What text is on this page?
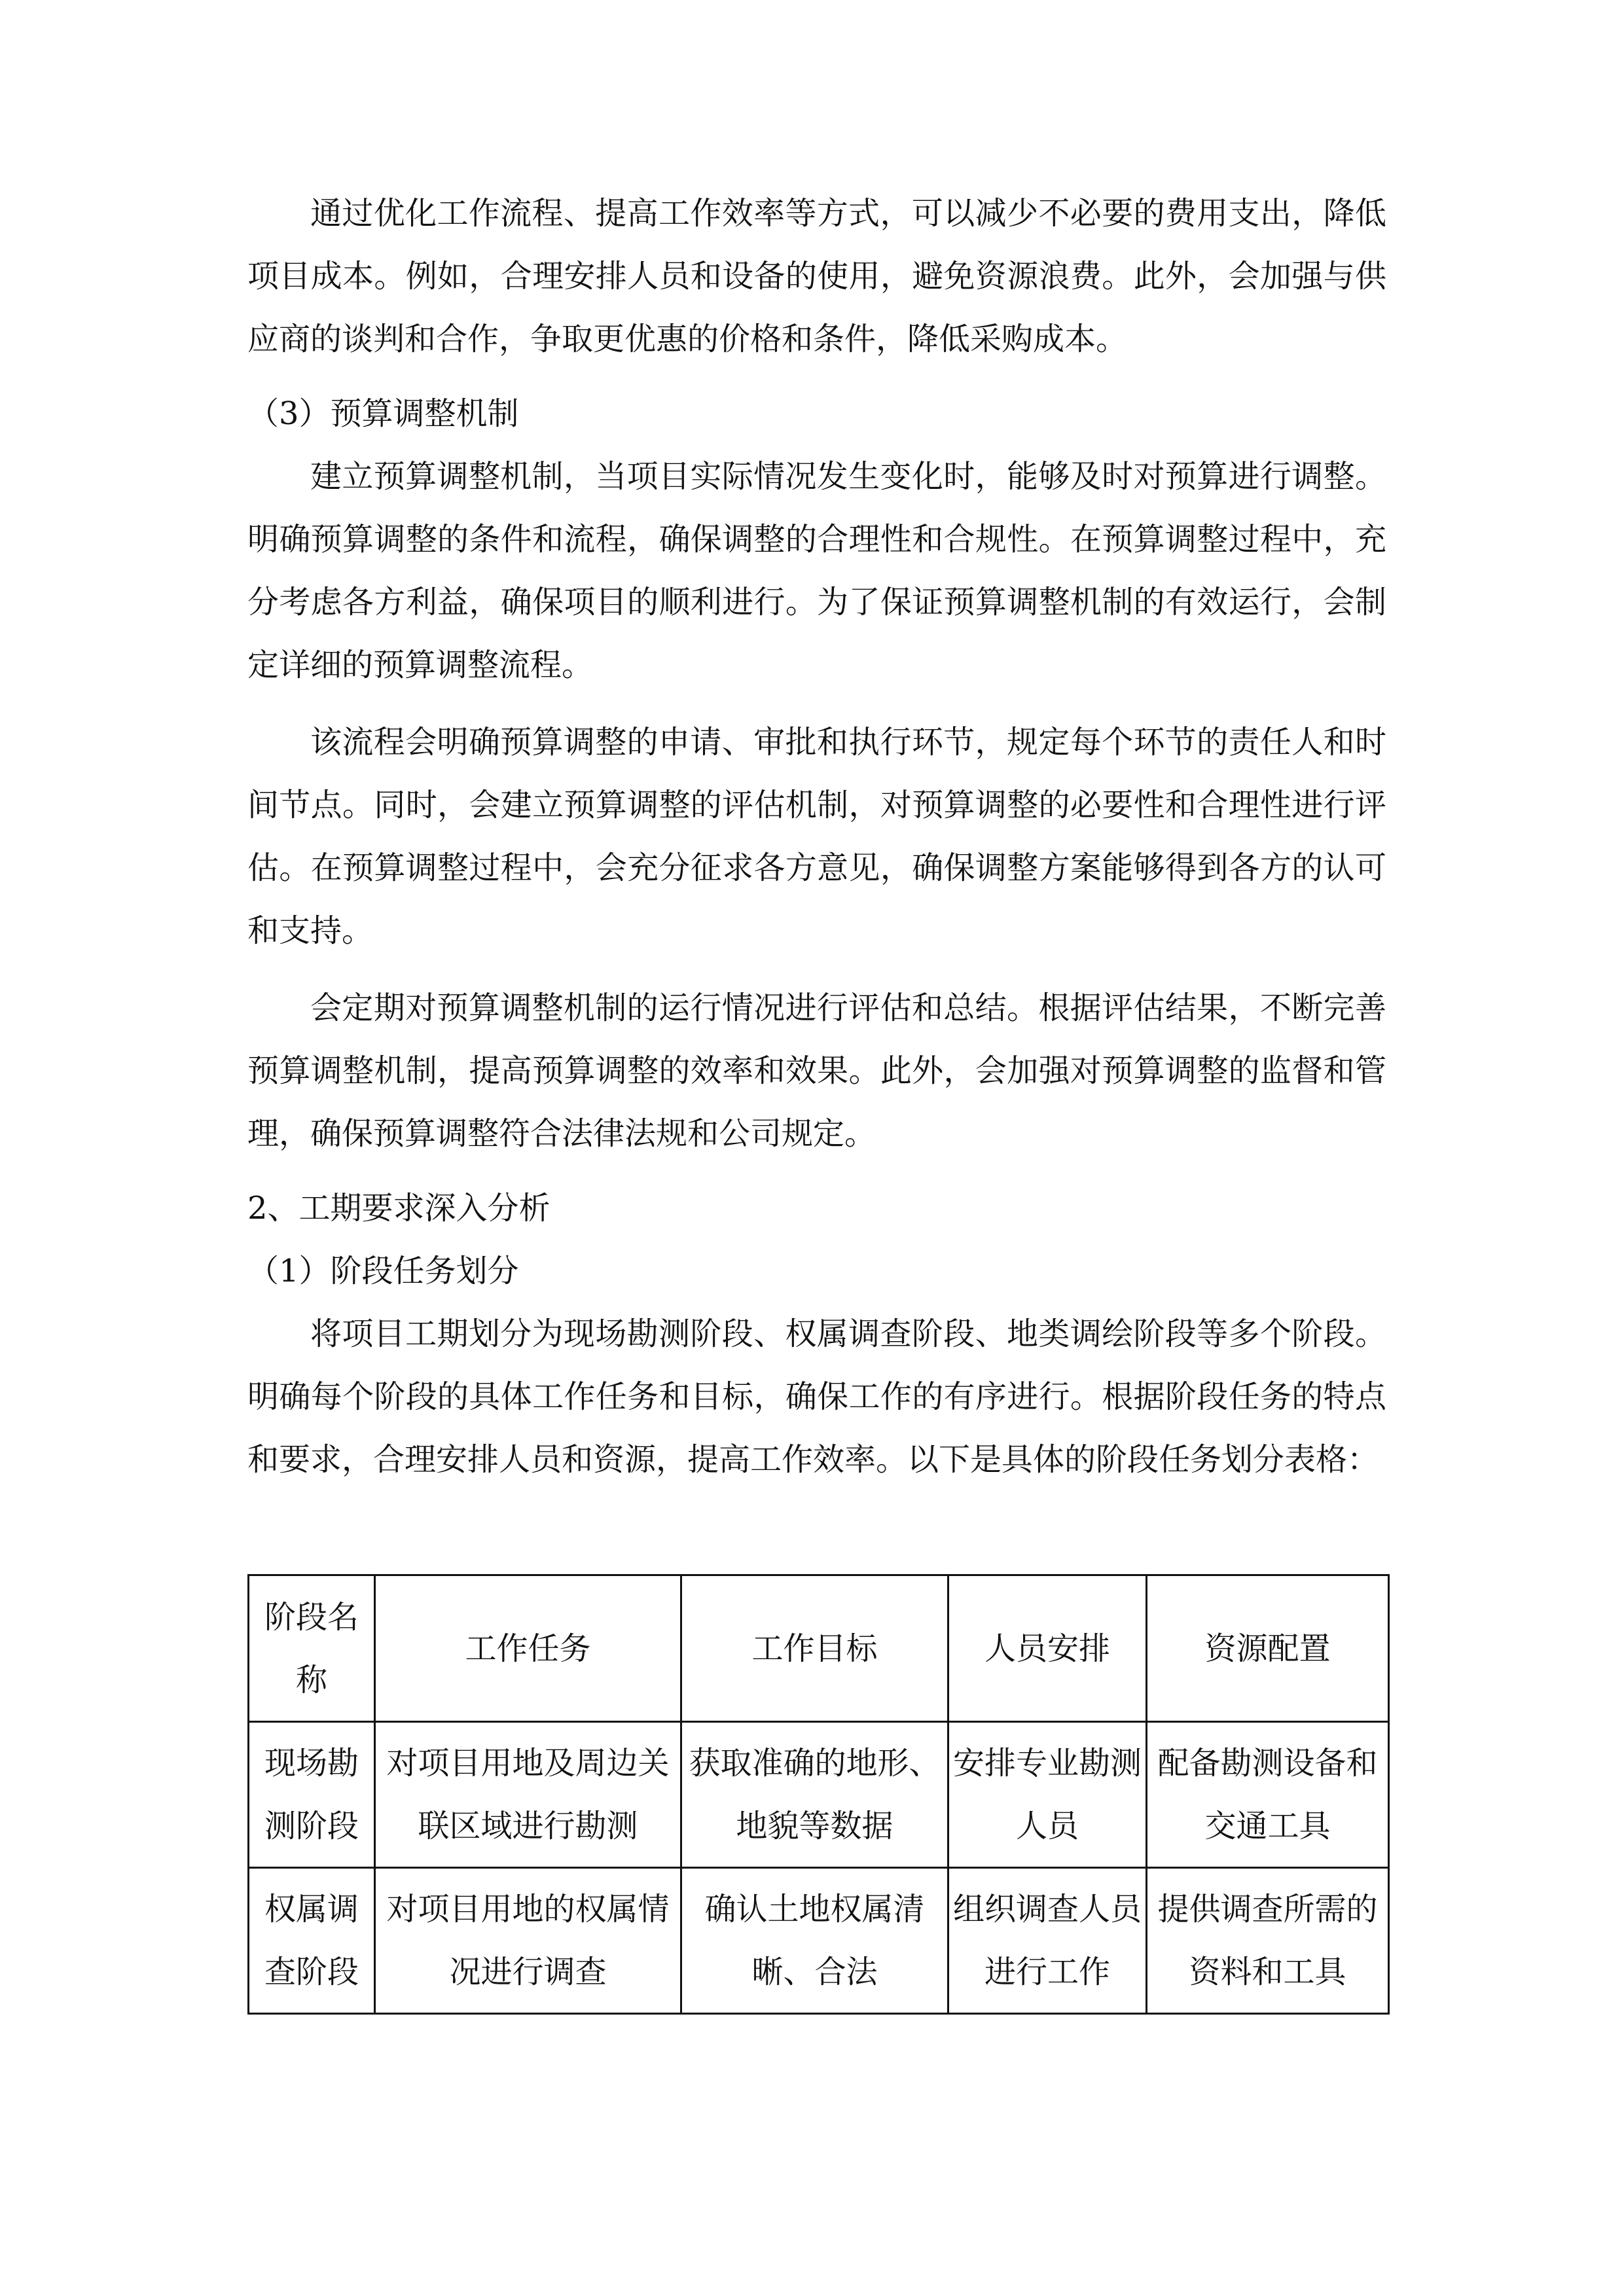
通过优化工作流程、提高工作效率等方式，可以减少不必要的费用支出，降低项目成本。例如，合理安排人员和设备的使用，避免资源浪费。此外，会加强与供应商的谈判和合作，争取更优惠的价格和条件，降低采购成本。

（3）预算调整机制

建立预算调整机制，当项目实际情况发生变化时，能够及时对预算进行调整。明确预算调整的条件和流程，确保调整的合理性和合规性。在预算调整过程中，充分考虑各方利益，确保项目的顺利进行。为了保证预算调整机制的有效运行，会制定详细的预算调整流程。

该流程会明确预算调整的申请、审批和执行环节，规定每个环节的责任人和时间节点。同时，会建立预算调整的评估机制，对预算调整的必要性和合理性进行评估。在预算调整过程中，会充分征求各方意见，确保调整方案能够得到各方的认可和支持。

会定期对预算调整机制的运行情况进行评估和总结。根据评估结果，不断完善预算调整机制，提高预算调整的效率和效果。此外，会加强对预算调整的监督和管理，确保预算调整符合法律法规和公司规定。

2、工期要求深入分析
（1）阶段任务划分

将项目工期划分为现场勘测阶段、权属调查阶段、地类调绘阶段等多个阶段。明确每个阶段的具体工作任务和目标，确保工作的有序进行。根据阶段任务的特点和要求，合理安排人员和资源，提高工作效率。以下是具体的阶段任务划分表格：

阶段名称	工作任务	工作目标	人员安排	资源配置
现场勘测阶段	对项目用地及周边关联区域进行勘测	获取准确的地形、地貌等数据	安排专业勘测人员	配备勘测设备和交通工具
权属调查阶段	对项目用地的权属情况进行调查	确认土地权属清晰、合法	组织调查人员进行工作	提供调查所需的资料和工具
